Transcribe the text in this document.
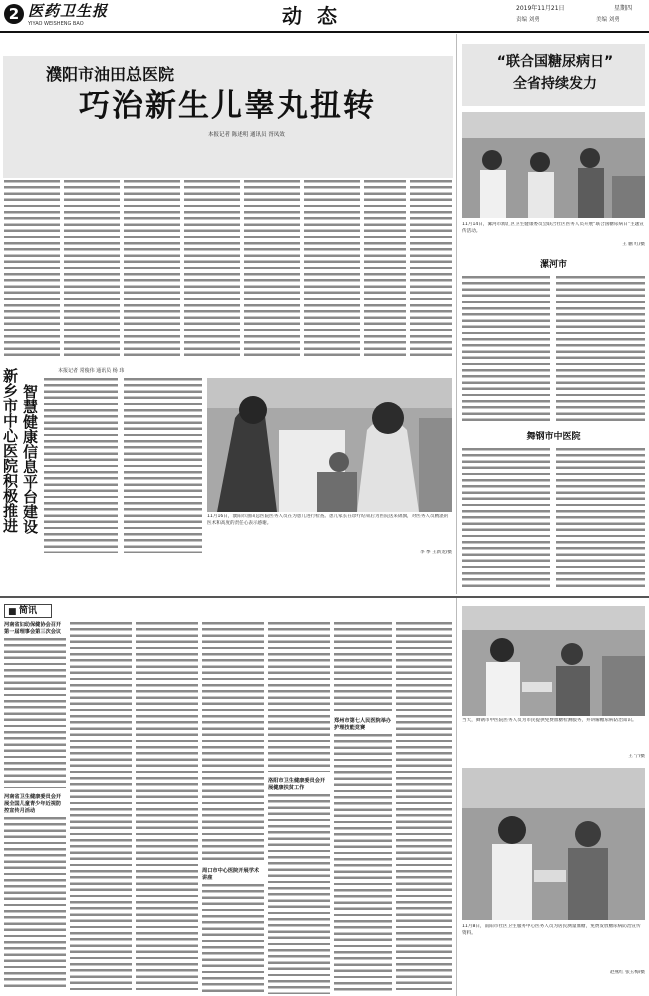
2 医药卫生报
YIYAO WEISHENG BAO	动 态	2019年11月21日	星期四
责编 刘勇	美编 刘勇
濮阳市油田总医院
巧治新生儿睾丸扭转
本报记者 陈述明 通讯员 胥凤效
新乡市中心医院积极推进 智慧健康信息平台建设
本报记者 常俊伟 通讯员 杨 玮
11月16日，濮阳市油田总医院医务人员在为患儿进行检查。患儿家长在诊疗结束后为医院送来锦旗，对医务人员精湛的医术和高度的责任心表示感谢。
李 季 王新龙/摄
“联合国糖尿病日”
全省持续发力
11月14日，漯河市源汇区卫生健康委员会联合社区医务人员开展“联合国糖尿病日”主题宣传活动。
王 鹏 红/摄
漯河市
舞钢市中医院
■ 简讯
河南省妇幼保健协会召开第一届理事会第三次会议
河南省卫生健康委员会开展全国儿童青少年近视防控宣传月活动
周口市中心医院开展学术讲座
洛阳市卫生健康委员会开展健康扶贫工作
郑州市第七人民医院举办护理技能竞赛
当天，舞钢市中医院医务人员为市民提供免费血糖检测服务，并讲解糖尿病防治知识。
王 宁/摄
11月8日，南阳市社区卫生服务中心医务人员为居民测量血糖，免费发放糖尿病防治宣传资料。
赵燕红 张玉梅/摄
